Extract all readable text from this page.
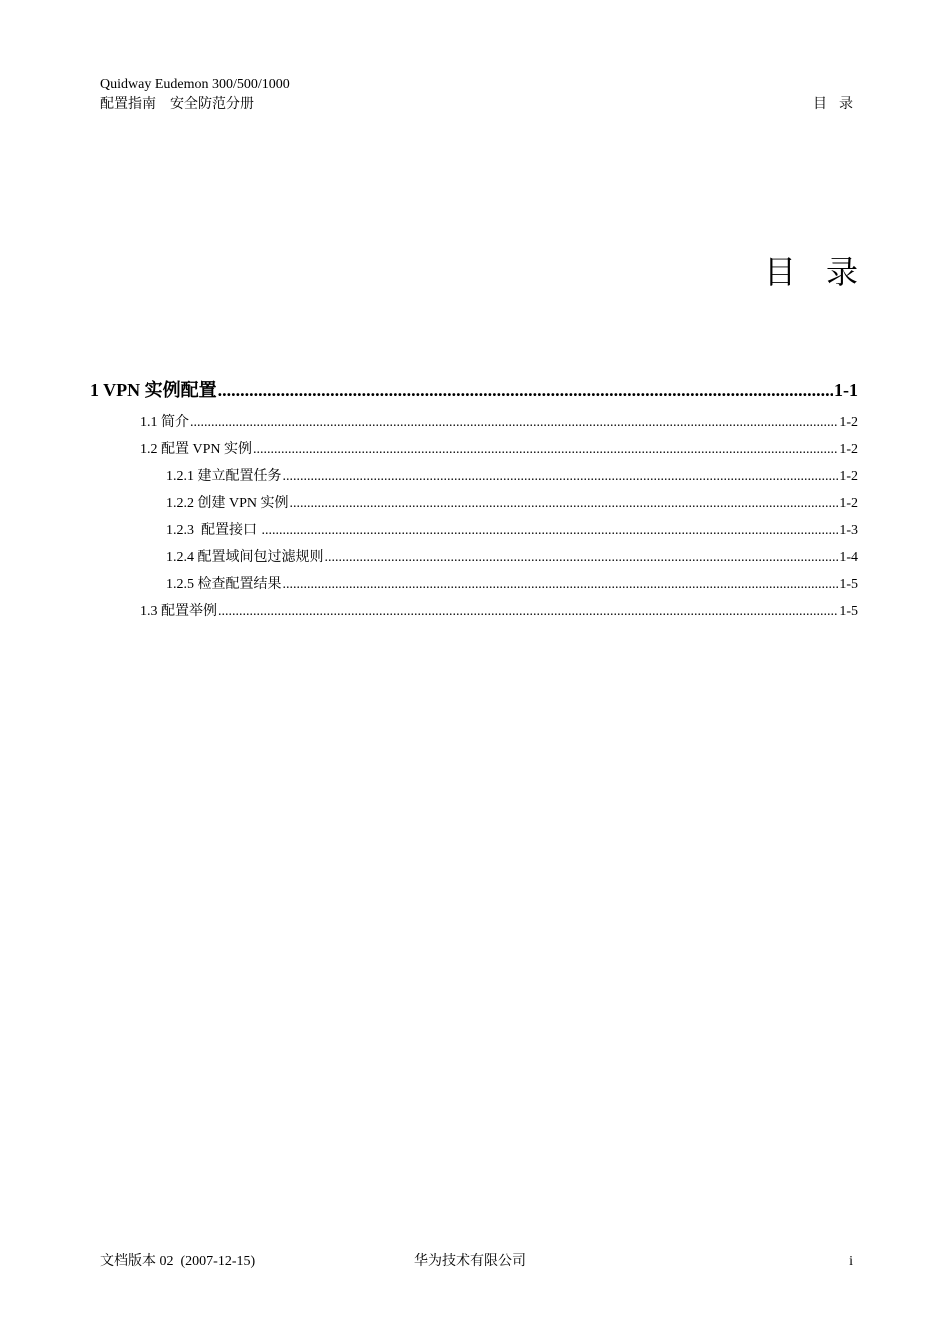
Quidway Eudemon 300/500/1000
配置指南    安全防范分册	目录
目录
1 VPN 实例配置 .....	1-1
1.1 简介 .....	1-2
1.2 配置 VPN 实例 .....	1-2
1.2.1 建立配置任务 .....	1-2
1.2.2 创建 VPN 实例 .....	1-2
1.2.3  配置接口 .....	1-3
1.2.4 配置域间包过滤规则 .....	1-4
1.2.5 检查配置结果 .....	1-5
1.3 配置举例 .....	1-5
文档版本 02  (2007-12-15)	华为技术有限公司	i
